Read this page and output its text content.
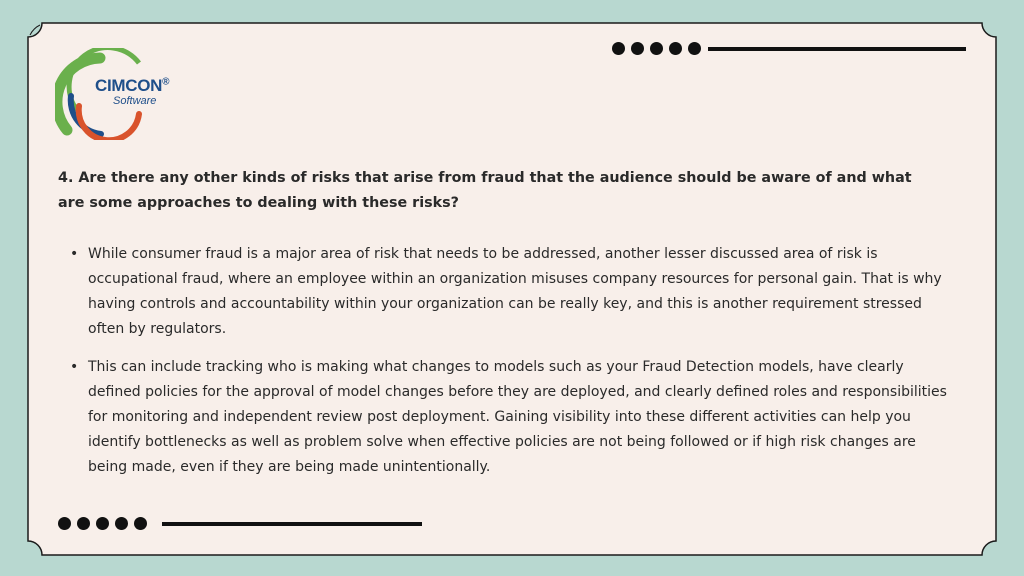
CIMCON®
Software
4. Are there any other kinds of risks that arise from fraud that the audience should be aware of and what are some approaches to dealing with these risks?
• While consumer fraud is a major area of risk that needs to be addressed, another lesser discussed area of risk is occupational fraud, where an employee within an organization misuses company resources for personal gain. That is why having controls and accountability within your organization can be really key, and this is another requirement stressed often by regulators.
• This can include tracking who is making what changes to models such as your Fraud Detection models, have clearly defined policies for the approval of model changes before they are deployed, and clearly defined roles and responsibilities for monitoring and independent review post deployment. Gaining visibility into these different activities can help you identify bottlenecks as well as problem solve when effective policies are not being followed or if high risk changes are being made, even if they are being made unintentionally.
